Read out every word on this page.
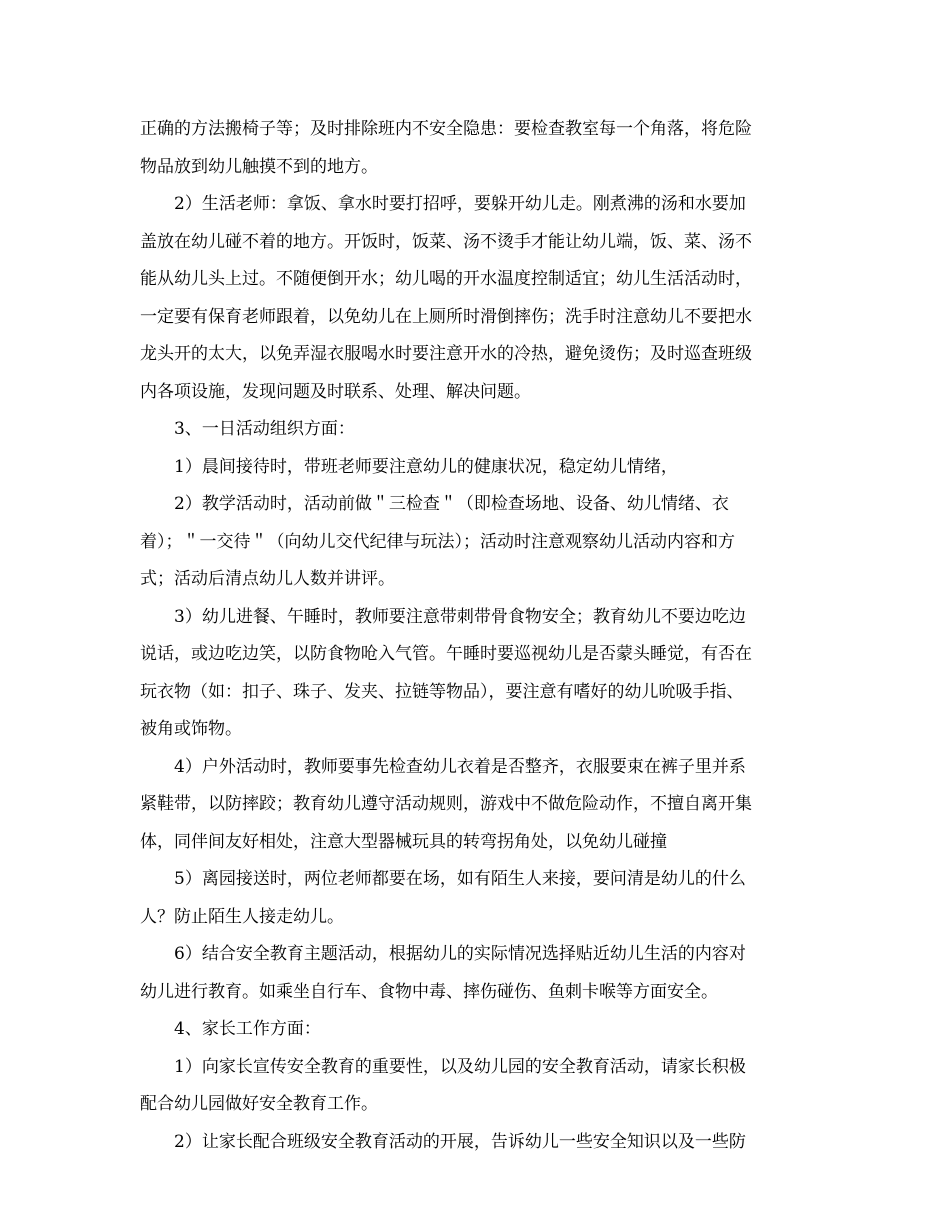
正确的方法搬椅子等；及时排除班内不安全隐患：要检查教室每一个角落，将危险
物品放到幼儿触摸不到的地方。

2）生活老师：拿饭、拿水时要打招呼，要躲开幼儿走。刚煮沸的汤和水要加
盖放在幼儿碰不着的地方。开饭时，饭菜、汤不烫手才能让幼儿端，饭、菜、汤不
能从幼儿头上过。不随便倒开水；幼儿喝的开水温度控制适宜；幼儿生活活动时，
一定要有保育老师跟着，以免幼儿在上厕所时滑倒摔伤；洗手时注意幼儿不要把水
龙头开的太大，以免弄湿衣服喝水时要注意开水的冷热，避免烫伤；及时巡查班级
内各项设施，发现问题及时联系、处理、解决问题。

3、一日活动组织方面：

1）晨间接待时，带班老师要注意幼儿的健康状况，稳定幼儿情绪，

2）教学活动时，活动前做＂三检查＂（即检查场地、设备、幼儿情绪、衣
着）；＂一交待＂（向幼儿交代纪律与玩法）；活动时注意观察幼儿活动内容和方
式；活动后清点幼儿人数并讲评。

3）幼儿进餐、午睡时，教师要注意带刺带骨食物安全；教育幼儿不要边吃边
说话，或边吃边笑，以防食物呛入气管。午睡时要巡视幼儿是否蒙头睡觉，有否在
玩衣物（如：扣子、珠子、发夹、拉链等物品），要注意有嗜好的幼儿吮吸手指、
被角或饰物。

4）户外活动时，教师要事先检查幼儿衣着是否整齐，衣服要束在裤子里并系
紧鞋带，以防摔跤；教育幼儿遵守活动规则，游戏中不做危险动作，不擅自离开集
体，同伴间友好相处，注意大型器械玩具的转弯拐角处，以免幼儿碰撞

5）离园接送时，两位老师都要在场，如有陌生人来接，要问清是幼儿的什么
人？防止陌生人接走幼儿。

6）结合安全教育主题活动，根据幼儿的实际情况选择贴近幼儿生活的内容对
幼儿进行教育。如乘坐自行车、食物中毒、摔伤碰伤、鱼刺卡喉等方面安全。

4、家长工作方面：

1）向家长宣传安全教育的重要性，以及幼儿园的安全教育活动，请家长积极
配合幼儿园做好安全教育工作。

2）让家长配合班级安全教育活动的开展，告诉幼儿一些安全知识以及一些防
